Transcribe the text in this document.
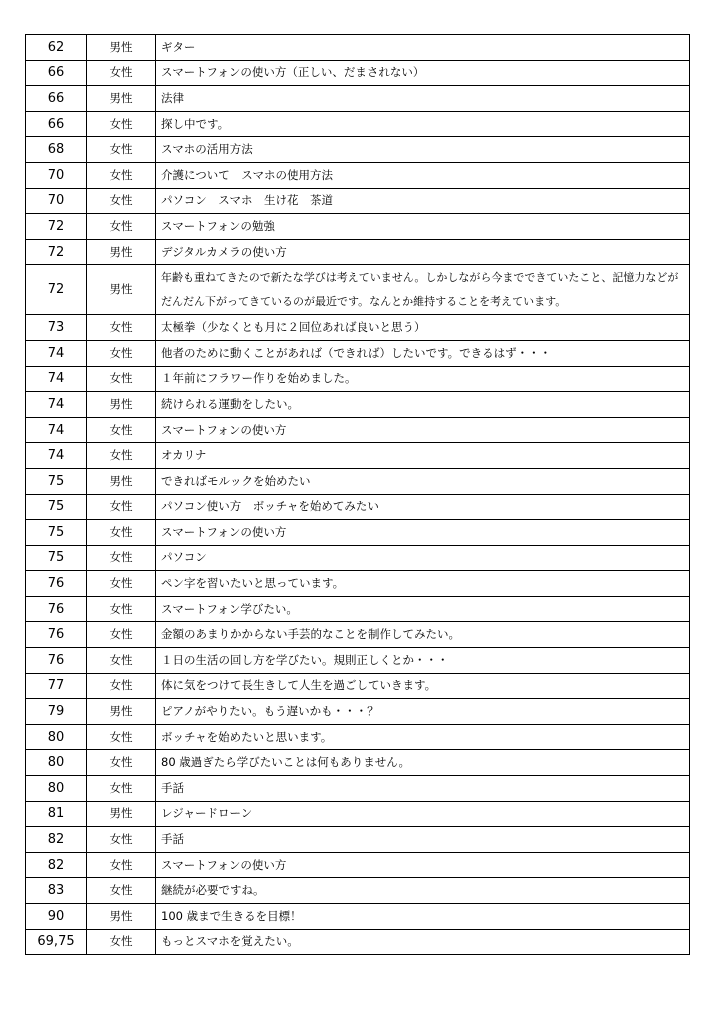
62	男性	ギター
66	女性	スマートフォンの使い方（正しい、だまされない）
66	男性	法律
66	女性	探し中です。
68	女性	スマホの活用方法
70	女性	介護について　スマホの使用方法
70	女性	パソコン　スマホ　生け花　茶道
72	女性	スマートフォンの勉強
72	男性	デジタルカメラの使い方
72	男性	年齢も重ねてきたので新たな学びは考えていません。しかしながら今までできていたこと、記憶力などがだんだん下がってきているのが最近です。なんとか維持することを考えています。
73	女性	太極拳（少なくとも月に２回位あれば良いと思う）
74	女性	他者のために動くことがあれば（できれば）したいです。できるはず・・・
74	女性	１年前にフラワー作りを始めました。
74	男性	続けられる運動をしたい。
74	女性	スマートフォンの使い方
74	女性	オカリナ
75	男性	できればモルックを始めたい
75	女性	パソコン使い方　ボッチャを始めてみたい
75	女性	スマートフォンの使い方
75	女性	パソコン
76	女性	ペン字を習いたいと思っています。
76	女性	スマートフォン学びたい。
76	女性	金額のあまりかからない手芸的なことを制作してみたい。
76	女性	１日の生活の回し方を学びたい。規則正しくとか・・・
77	女性	体に気をつけて長生きして人生を過ごしていきます。
79	男性	ピアノがやりたい。もう遅いかも・・・？
80	女性	ボッチャを始めたいと思います。
80	女性	80 歳過ぎたら学びたいことは何もありません。
80	女性	手話
81	男性	レジャードローン
82	女性	手話
82	女性	スマートフォンの使い方
83	女性	継続が必要ですね。
90	男性	100 歳まで生きるを目標！
69,75	女性	もっとスマホを覚えたい。
